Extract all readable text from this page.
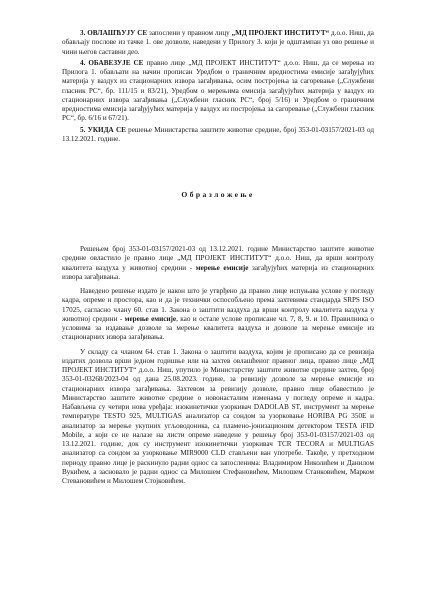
3. ОВЛАШЋУЈУ СЕ запослени у правном лицу „МД ПРОЈЕКТ ИНСТИТУТ“ д.о.о. Ниш, да обављају послове из тачке 1. ове дозволе, наведени у Прилогу 3. који је одштампан уз ово решење и чини његов саставни део.

4. ОБАВЕЗУЈЕ СЕ правно лице „МД ПРОЈЕКТ ИНСТИТУТ“ д.о.о. Ниш, да се мерења из Прилога 1. обављати на начин прописан Уредбом о граничним вредностима емисије загађујућих материја у ваздух из стационарних извора загађивања, осим постројења за сагоревање („Службени гласник РС“, бр. 111/15 и 83/21), Уредбом о мерењима емисија загађујућих материја у ваздух из стационарних извора загађивања („Службени гласник РС“, број 5/16) и Уредбом о граничним вредностима емисија загађујућих материја у ваздух из постројења за сагоревање („Службени гласник РС“, бр. 6/16 и 67/21).

5. УКИДА СЕ решење Министарства заштите животне средине, број 353-01-03157/2021-03 од 13.12.2021. године.

Образложење

Решењем број 353-01-03157/2021-03 од 13.12.2021. године Министарство заштите животне средине овластило је правно лице „МД ПРОЈЕКТ ИНСТИТУТ“ д.о.о. Ниш, да врши контролу квалитета ваздуха у животној средини - мерење емисије загађујућих материја из стационарних извора загађивања.

Наведено решење издато је након што је утврђено да правно лице испуњава услове у погледу кадра, опреме и простора, као и да је технички оспособљено према захтевима стандарда SRPS ISO 17025, сагласно члану 60. став 1. Закона о заштити ваздуха да врши контролу квалитета ваздуха у животној средини - мерење емисије, као и остале услове прописане чл. 7, 8, 9. и 10. Правилника о условима за издавање дозволе за мерење квалитета ваздуха и дозволе за мерење емисије из стационарних извора загађивања.

У складу са чланом 64. став 1. Закона о заштити ваздуха, којим је прописано да се ревизија издатих дозвола врши једном годишње или на захтев овлашћеног правног лица, правно лице „МД ПРОЈЕКТ ИНСТИТУТ“ д.о.о. Ниш, упутило је Министарству заштите животне средине захтев, број 353-01-03268/2023-04 од дана 25.08.2023. године, за ревизију дозволе за мерење емисије из стационарних извора загађивања. Захтевом за ревизију дозволе, правно лице обавестило је Министарство заштите животне средине о новонасталим изменама у погледу опреме и кадра. Набављена су четири нова уређаја: изокинетички узоркивач DADOLAB ST, инструмент за мерење температуре TESTO 925, MULTIGAS анализатор са сондом за узорковање HORIBA PG 350E и анализатор за мерење укупних угљоводоника, са пламено-јонизационим детектором TESTA iFID Mobile, а који се не налазе на листи опреме наведене у решењу број 353-01-03157/2021-03 од 13.12.2021. године, док су инструмент изокинетички узоркивач TCR TECORA и MULTIGAS анализатор са сондом за узорковање MIR9000 CLD стављени ван употребе. Такође, у претходном периоду правно лице је раскинуло радни однос са запосленима: Владимиром Николићем и Данилом Вукићем, а засновало је радни однос са Милошем Стефановићем, Милошем Станковићем, Марком Стевановићем и Милошем Стојковићем.
